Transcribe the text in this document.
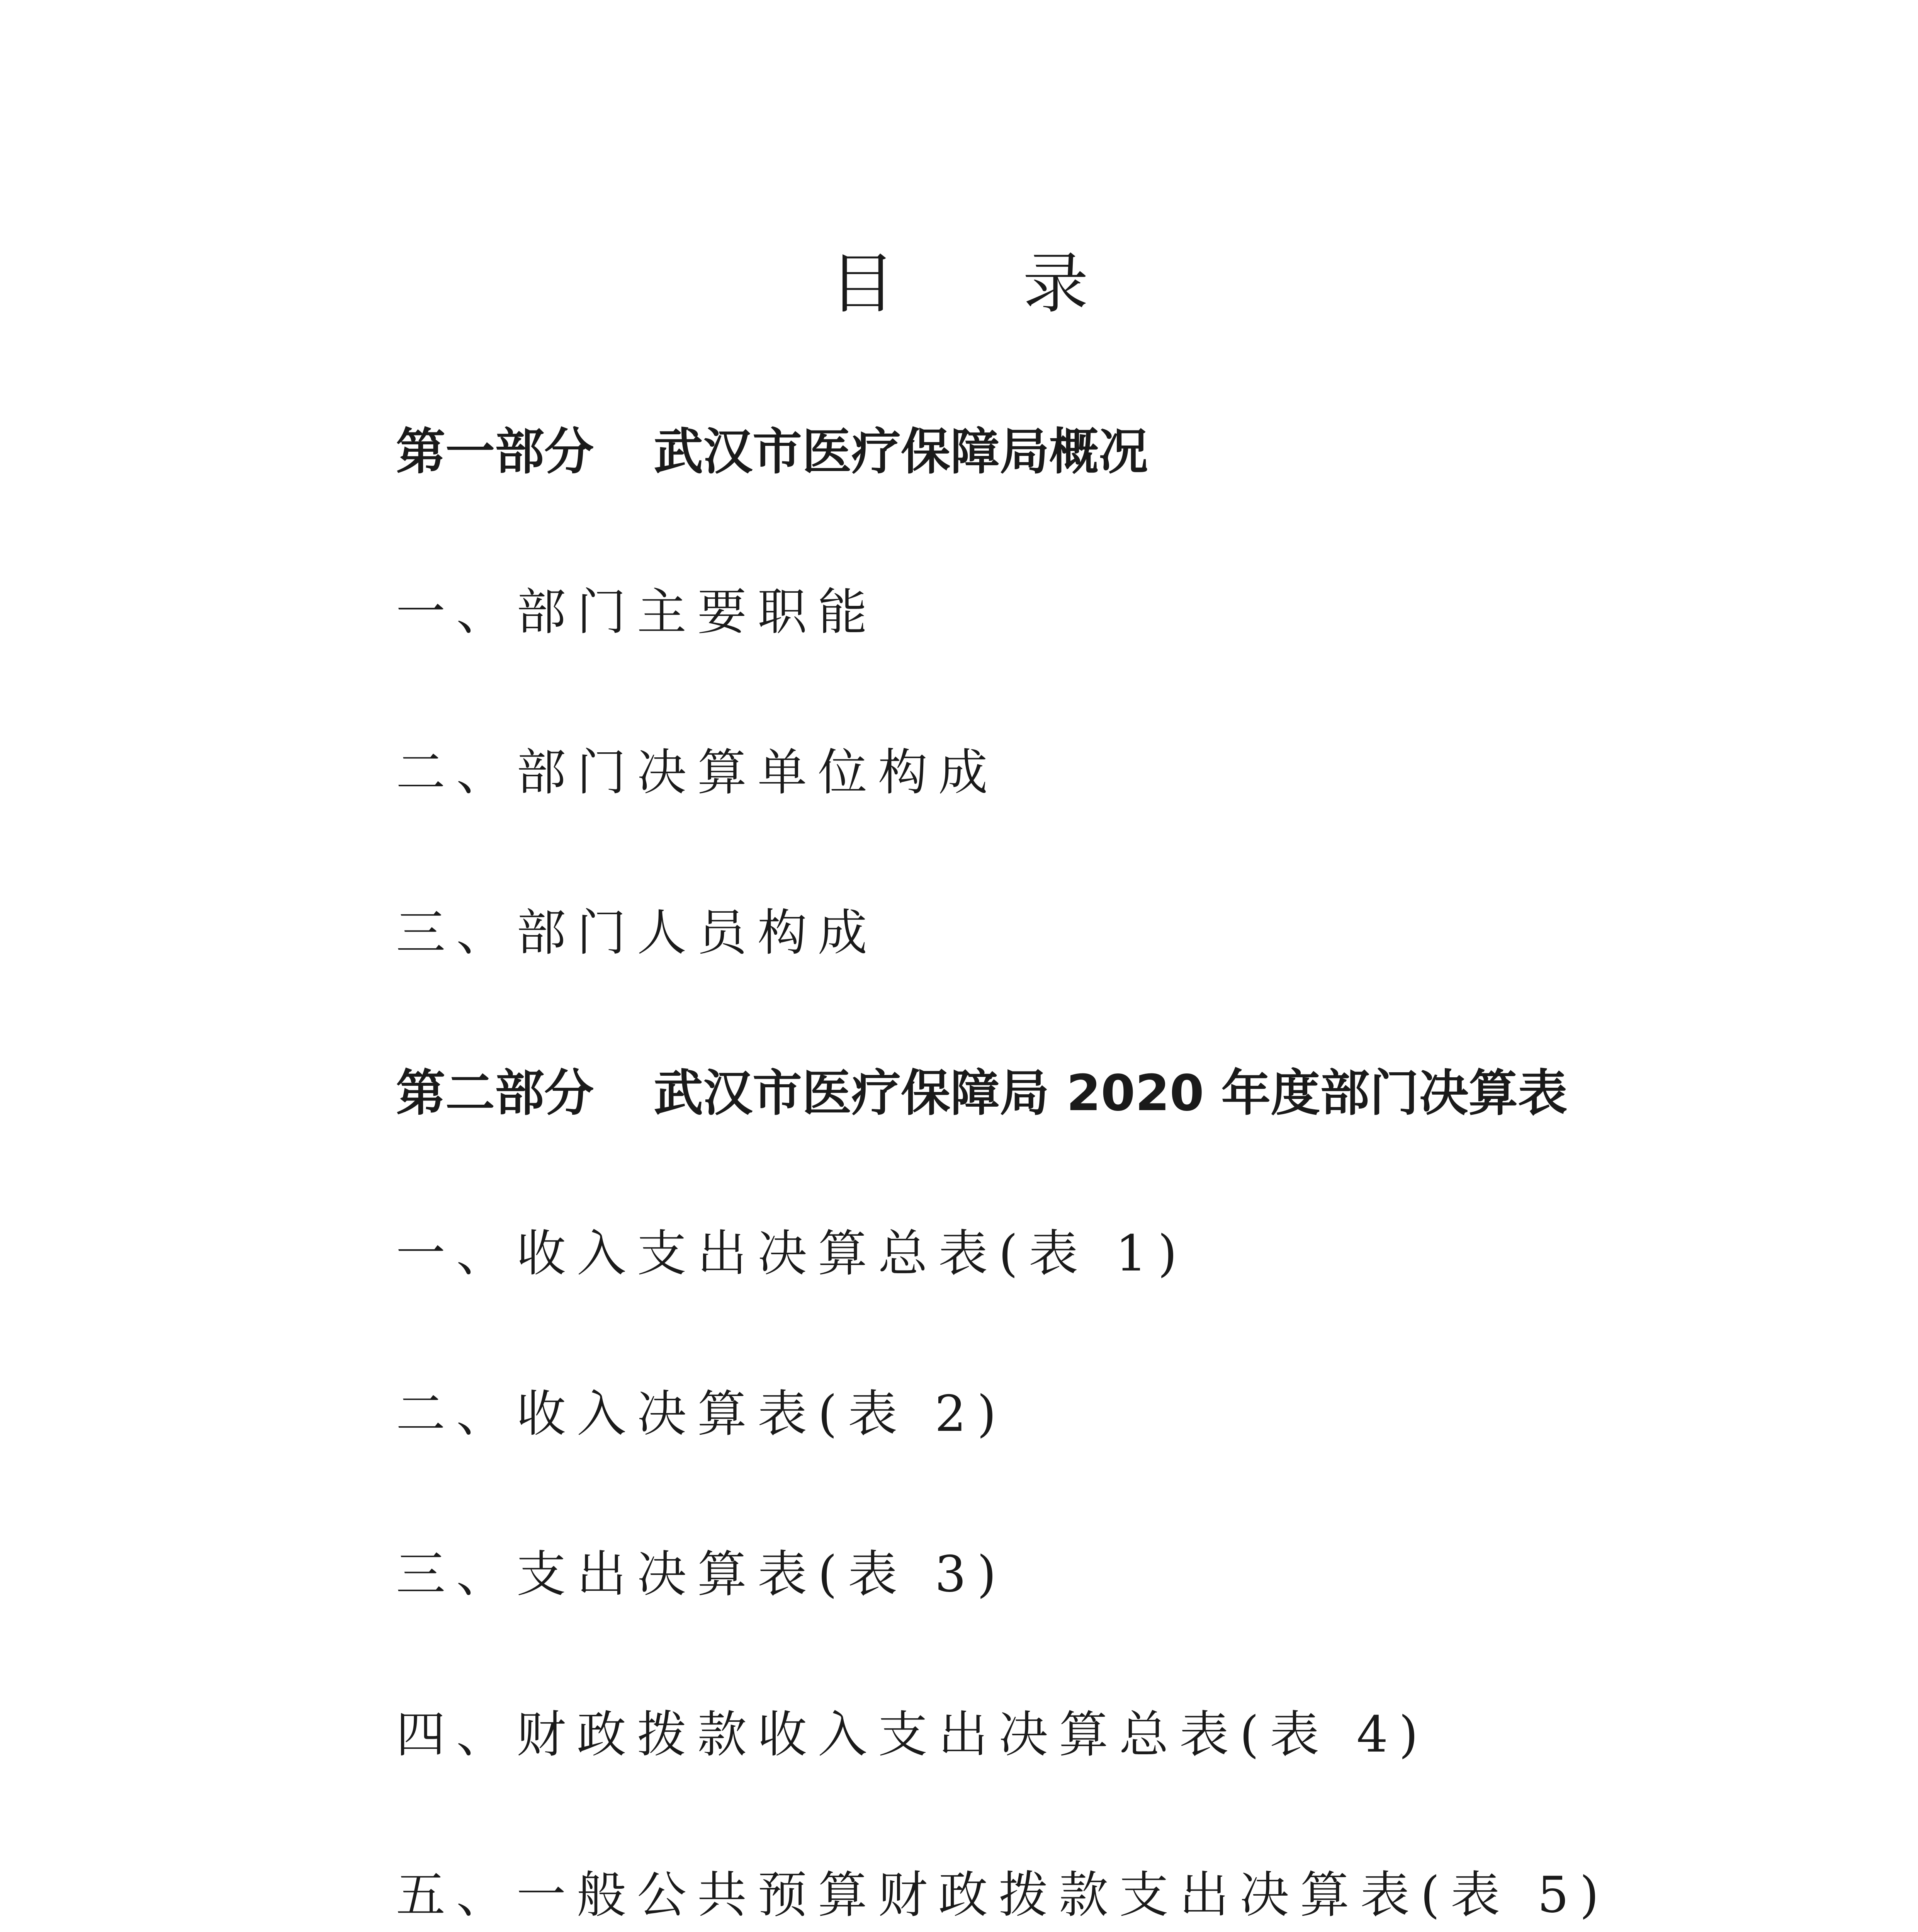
目 录

第一部分 武汉市医疗保障局概况

一、部门主要职能

二、部门决算单位构成

三、部门人员构成

第二部分 武汉市医疗保障局 2020 年度部门决算表

一、收入支出决算总表(表 1)

二、收入决算表(表 2)

三、支出决算表(表 3)

四、财政拨款收入支出决算总表(表 4)

五、一般公共预算财政拨款支出决算表(表 5)
